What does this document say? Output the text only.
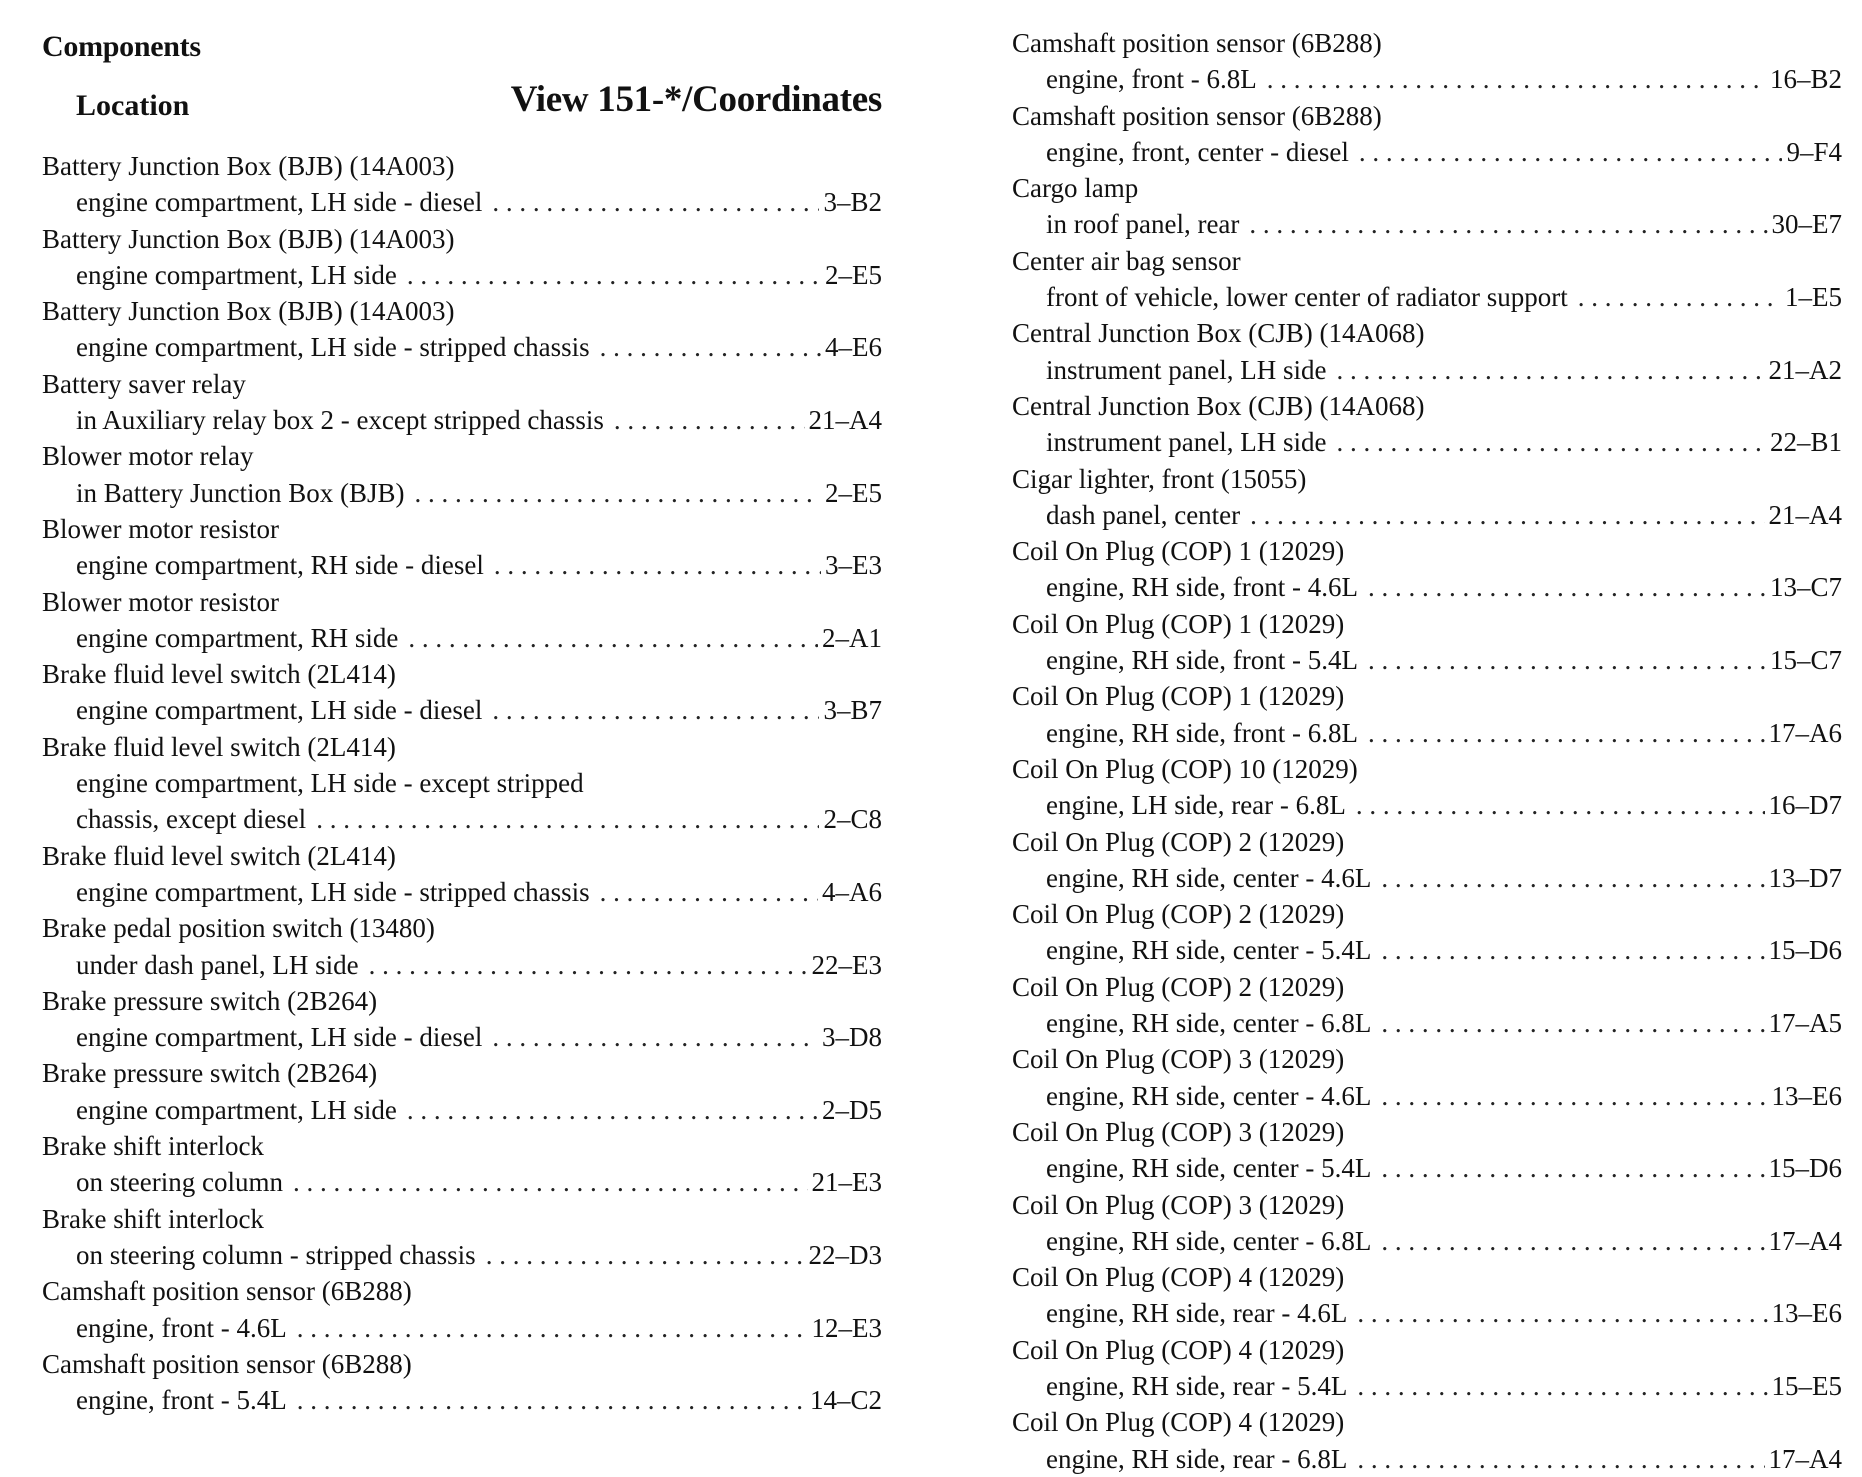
Components
Location	View 151-*/Coordinates
Battery Junction Box (BJB) (14A003)
engine compartment, LH side - diesel . . .	3–B2
Battery Junction Box (BJB) (14A003)
engine compartment, LH side . . .	2–E5
Battery Junction Box (BJB) (14A003)
engine compartment, LH side - stripped chassis . . .	4–E6
Battery saver relay
in Auxiliary relay box 2 - except stripped chassis . . .	21–A4
Blower motor relay
in Battery Junction Box (BJB) . . .	2–E5
Blower motor resistor
engine compartment, RH side - diesel . . .	3–E3
Blower motor resistor
engine compartment, RH side . . .	2–A1
Brake fluid level switch (2L414)
engine compartment, LH side - diesel . . .	3–B7
Brake fluid level switch (2L414)
engine compartment, LH side - except stripped
chassis, except diesel . . .	2–C8
Brake fluid level switch (2L414)
engine compartment, LH side - stripped chassis . . .	4–A6
Brake pedal position switch (13480)
under dash panel, LH side . . .	22–E3
Brake pressure switch (2B264)
engine compartment, LH side - diesel . . .	3–D8
Brake pressure switch (2B264)
engine compartment, LH side . . .	2–D5
Brake shift interlock
on steering column . . .	21–E3
Brake shift interlock
on steering column - stripped chassis . . .	22–D3
Camshaft position sensor (6B288)
engine, front - 4.6L . . .	12–E3
Camshaft position sensor (6B288)
engine, front - 5.4L . . .	14–C2
Camshaft position sensor (6B288)
engine, front - 6.8L . . .	16–B2
Camshaft position sensor (6B288)
engine, front, center - diesel . . .	9–F4
Cargo lamp
in roof panel, rear . . .	30–E7
Center air bag sensor
front of vehicle, lower center of radiator support . . .	1–E5
Central Junction Box (CJB) (14A068)
instrument panel, LH side . . .	21–A2
Central Junction Box (CJB) (14A068)
instrument panel, LH side . . .	22–B1
Cigar lighter, front (15055)
dash panel, center . . .	21–A4
Coil On Plug (COP) 1 (12029)
engine, RH side, front - 4.6L . . .	13–C7
Coil On Plug (COP) 1 (12029)
engine, RH side, front - 5.4L . . .	15–C7
Coil On Plug (COP) 1 (12029)
engine, RH side, front - 6.8L . . .	17–A6
Coil On Plug (COP) 10 (12029)
engine, LH side, rear - 6.8L . . .	16–D7
Coil On Plug (COP) 2 (12029)
engine, RH side, center - 4.6L . . .	13–D7
Coil On Plug (COP) 2 (12029)
engine, RH side, center - 5.4L . . .	15–D6
Coil On Plug (COP) 2 (12029)
engine, RH side, center - 6.8L . . .	17–A5
Coil On Plug (COP) 3 (12029)
engine, RH side, center - 4.6L . . .	13–E6
Coil On Plug (COP) 3 (12029)
engine, RH side, center - 5.4L . . .	15–D6
Coil On Plug (COP) 3 (12029)
engine, RH side, center - 6.8L . . .	17–A4
Coil On Plug (COP) 4 (12029)
engine, RH side, rear - 4.6L . . .	13–E6
Coil On Plug (COP) 4 (12029)
engine, RH side, rear - 5.4L . . .	15–E5
Coil On Plug (COP) 4 (12029)
engine, RH side, rear - 6.8L . . .	17–A4
